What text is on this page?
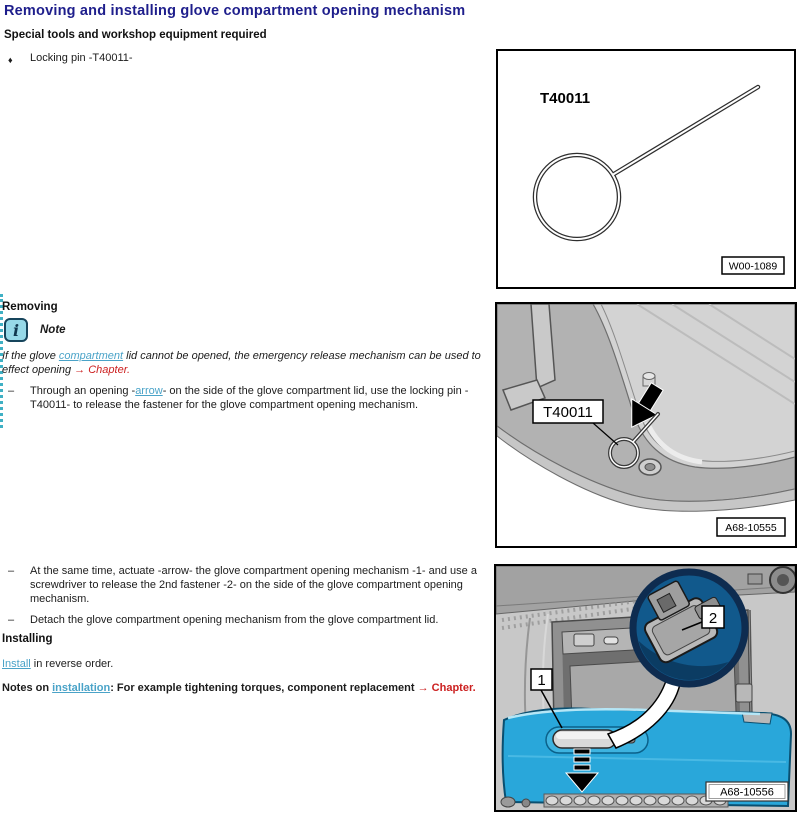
Removing and installing glove compartment opening mechanism
Special tools and workshop equipment required
♦	Locking pin -T40011-
Removing
i	Note
If the glove compartment lid cannot be opened, the emergency release mechanism can be used to effect opening → Chapter.
–	Through an opening -arrow- on the side of the glove compartment lid, use the locking pin -T40011- to release the fastener for the glove compartment opening mechanism.
–	At the same time, actuate -arrow- the glove compartment opening mechanism -1- and use a screwdriver to release the 2nd fastener -2- on the side of the glove compartment opening mechanism.
–	Detach the glove compartment opening mechanism from the glove compartment lid.
Installing
Install in reverse order.
Notes on installation: For example tightening torques, component replacement → Chapter.
T40011
W00-1089
T40011
A68-10555
2
1
A68-10556
